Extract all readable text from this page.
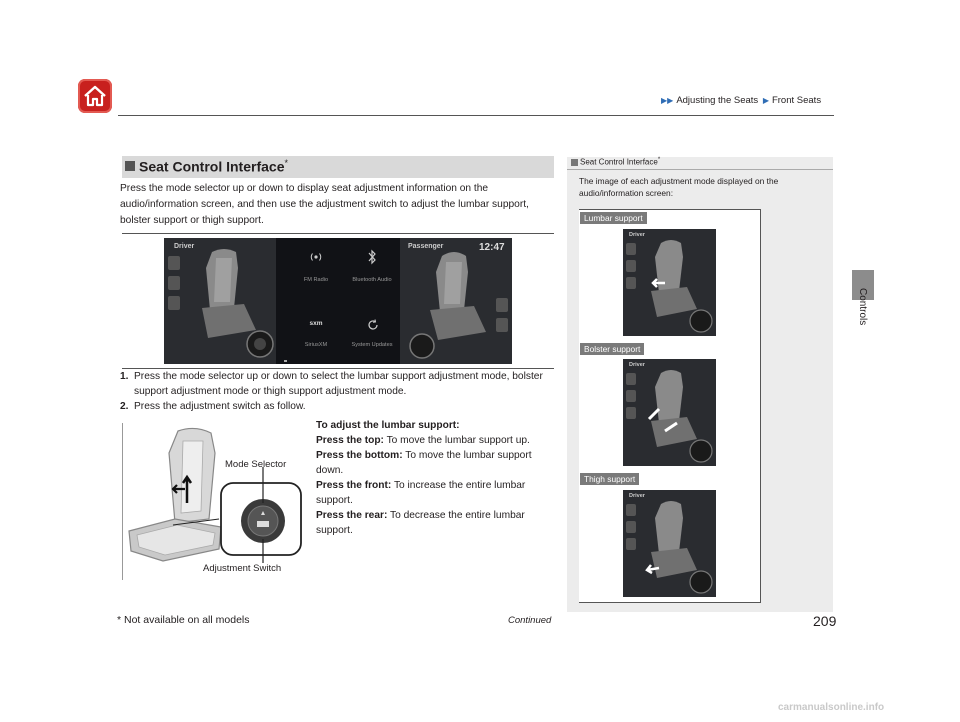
▶▶ Adjusting the Seats ▶ Front Seats
Controls
Seat Control Interface*
Press the mode selector up or down to display seat adjustment information on the audio/information screen, and then use the adjustment switch to adjust the lumbar support, bolster support or thigh support.
Driver
FM Radio	Bluetooth Audio
sxm
SiriusXM	System Updates
Passenger	12:47
1. Press the mode selector up or down to select the lumbar support adjustment mode, bolster support adjustment mode or thigh support adjustment mode.
2. Press the adjustment switch as follow.
Mode Selector
Adjustment Switch
To adjust the lumbar support:
Press the top: To move the lumbar support up.
Press the bottom: To move the lumbar support down.
Press the front: To increase the entire lumbar support.
Press the rear: To decrease the entire lumbar support.
Seat Control Interface*
The image of each adjustment mode displayed on the audio/information screen:
Lumbar support
Driver
Bolster support
Driver
Thigh support
Driver
* Not available on all models	Continued	209
carmanualsonline.info
